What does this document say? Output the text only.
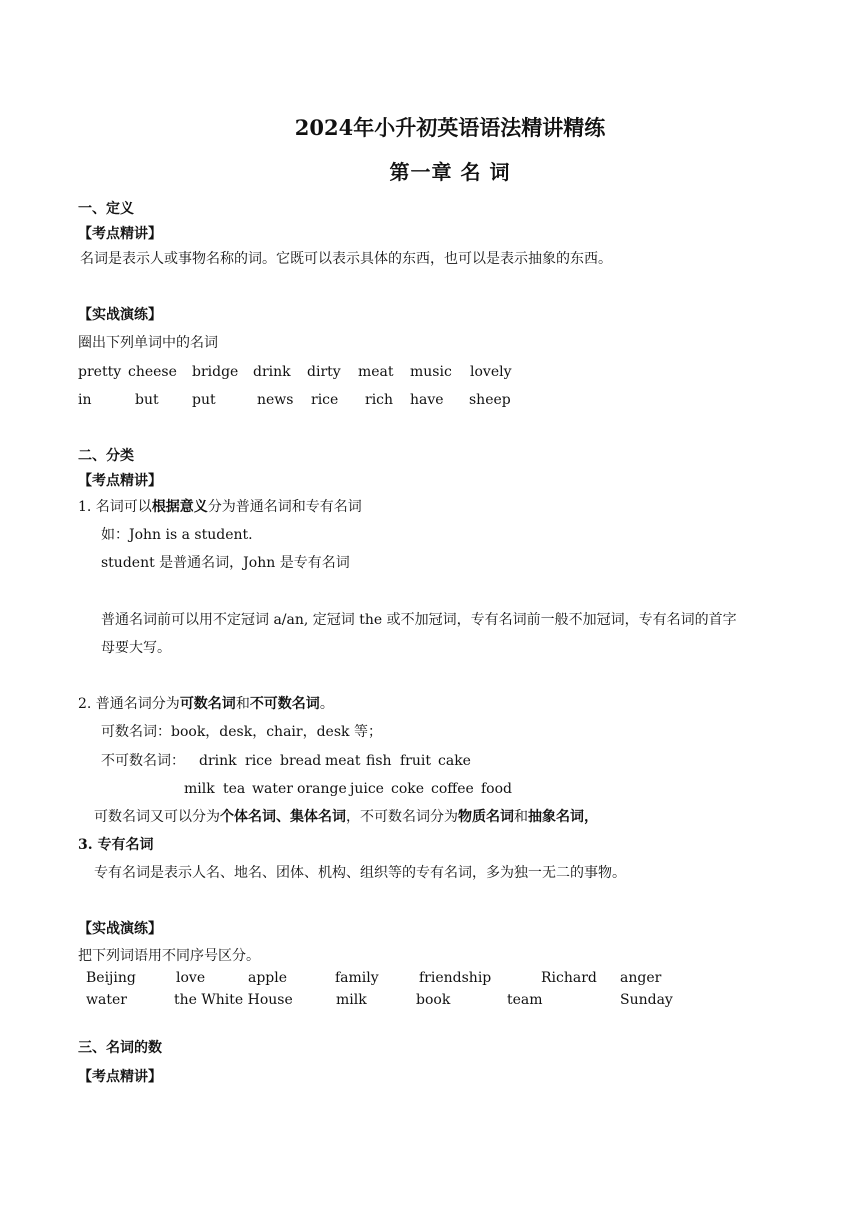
2024年小升初英语语法精讲精练
第一章 名 词
一、定义
【考点精讲】
名词是表示人或事物名称的词。它既可以表示具体的东西，也可以是表示抽象的东西。
【实战演练】
圈出下列单词中的名词
pretty cheese bridge drink dirty meat music lovely
in	but put	news rice rich have sheep
二、分类
【考点精讲】
1. 名词可以根据意义分为普通名词和专有名词
如：John is a student.
student 是普通名词，John 是专有名词
普通名词前可以用不定冠词 a/an, 定冠词 the 或不加冠词，专有名词前一般不加冠词，专有名词的首字
母要大写。
2. 普通名词分为可数名词和不可数名词。
可数名词：book，desk，chair，desk 等；
不可数名词： drink rice bread meat fish fruit cake
milk tea water orange juice coke coffee food
可数名词又可以分为个体名词、集体名词，不可数名词分为物质名词和抽象名词，
3. 专有名词
专有名词是表示人名、地名、团体、机构、组织等的专有名词，多为独一无二的事物。
【实战演练】
把下列词语用不同序号区分。
Beijing	love	apple	family	friendship	Richard anger
water	the White House	milk	book	team	Sunday
三、名词的数
【考点精讲】
